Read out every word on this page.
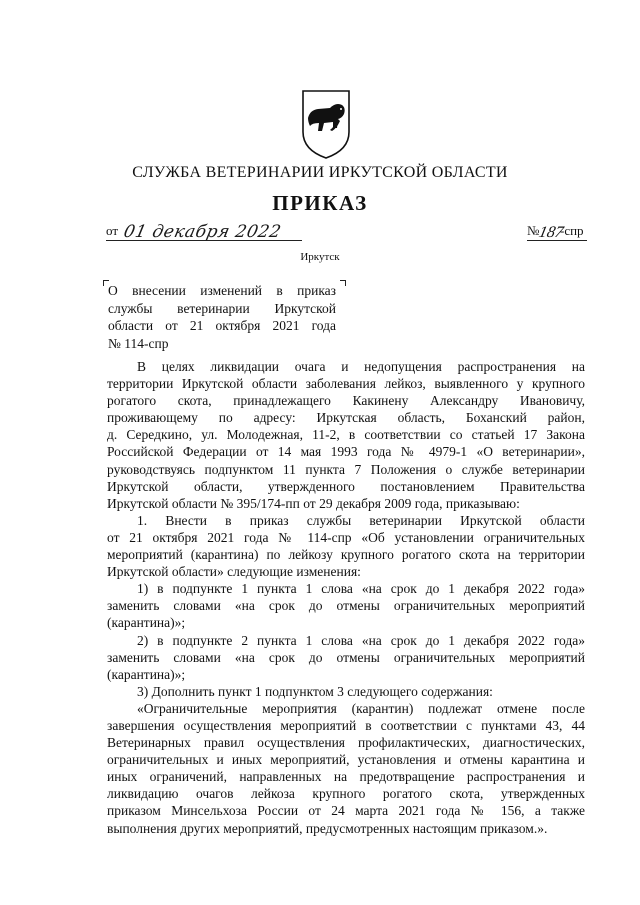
СЛУЖБА ВЕТЕРИНАРИИ ИРКУТСКОЙ ОБЛАСТИ
ПРИКАЗ
от 01 декабря 2022	№
187
-спр
Иркутск
О внесении изменений в приказ
службы ветеринарии Иркутской
области от 21 октября 2021 года
№ 114-спр
В целях ликвидации очага и недопущения распространения на
территории Иркутской области заболевания лейкоз, выявленного у крупного
рогатого скота, принадлежащего Какинену Александру Ивановичу,
проживающему по адресу: Иркутская область, Боханский район,
д. Середкино, ул. Молодежная, 11-2, в соответствии со статьей 17 Закона
Российской Федерации от 14 мая 1993 года № 4979-1 «О ветеринарии»,
руководствуясь подпунктом 11 пункта 7 Положения о службе ветеринарии
Иркутской области, утвержденного постановлением Правительства
Иркутской области № 395/174-пп от 29 декабря 2009 года, приказываю:
1. Внести в приказ службы ветеринарии Иркутской области
от 21 октября 2021 года № 114-спр «Об установлении ограничительных
мероприятий (карантина) по лейкозу крупного рогатого скота на территории
Иркутской области» следующие изменения:
1) в подпункте 1 пункта 1 слова «на срок до 1 декабря 2022 года»
заменить словами «на срок до отмены ограничительных мероприятий
(карантина)»;
2) в подпункте 2 пункта 1 слова «на срок до 1 декабря 2022 года»
заменить словами «на срок до отмены ограничительных мероприятий
(карантина)»;
3) Дополнить пункт 1 подпунктом 3 следующего содержания:
«Ограничительные мероприятия (карантин) подлежат отмене после
завершения осуществления мероприятий в соответствии с пунктами 43, 44
Ветеринарных правил осуществления профилактических, диагностических,
ограничительных и иных мероприятий, установления и отмены карантина и
иных ограничений, направленных на предотвращение распространения и
ликвидацию очагов лейкоза крупного рогатого скота, утвержденных
приказом Минсельхоза России от 24 марта 2021 года № 156, а также
выполнения других мероприятий, предусмотренных настоящим приказом.».
